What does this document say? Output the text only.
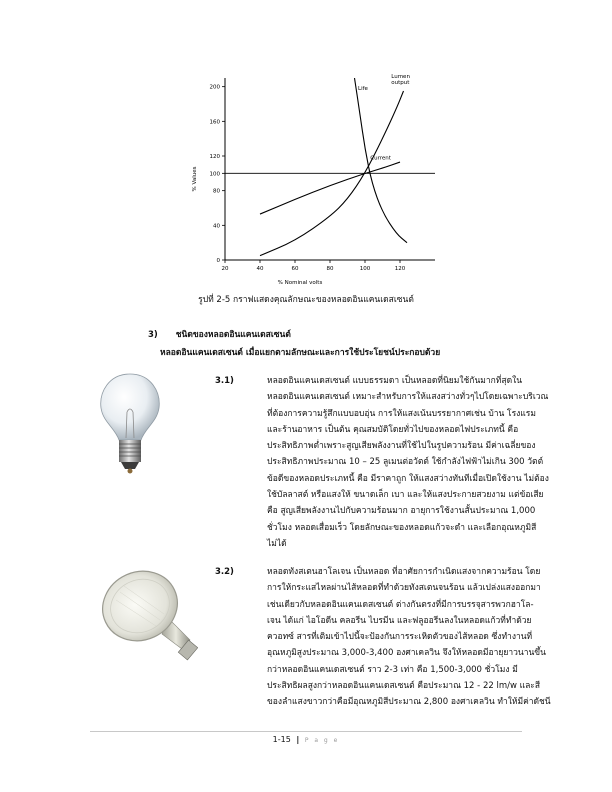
0
40
80
100
120
160
200
20	40	60	80	100	120
% Nominal volts
% Values
Life
Current
Lumen output
รูปที่ 2-5 กราฟแสดงคุณลักษณะของหลอดอินแคนเดสเซนต์
3) ชนิดของหลอดอินแคนเดสเซนต์
หลอดอินแคนเดสเซนต์ เมื่อแยกตามลักษณะและการใช้ประโยชน์ประกอบด้วย
3.1)	หลอดอินแคนเดสเซนต์ แบบธรรมดา เป็นหลอดที่นิยมใช้กันมากที่สุดใน
หลอดอินแคนเดสเซนต์ เหมาะสำหรับการให้แสงสว่างทั่วๆไปโดยเฉพาะบริเวณ
ที่ต้องการความรู้สึกแบบอบอุ่น การให้แสงเน้นบรรยากาศเช่น บ้าน โรงแรม
และร้านอาหาร เป็นต้น คุณสมบัติโดยทั่วไปของหลอดไฟประเภทนี้ คือ
ประสิทธิภาพต่ำเพราะสูญเสียพลังงานที่ใช้ไปในรูปความร้อน มีค่าเฉลี่ยของ
ประสิทธิภาพประมาณ 10 – 25 ลูเมนต่อวัตต์ ใช้กำลังไฟฟ้าไม่เกิน 300 วัตต์
ข้อดีของหลอดประเภทนี้ คือ มีราคาถูก ให้แสงสว่างทันทีเมื่อเปิดใช้งาน ไม่ต้อง
ใช้บัลลาสต์ หรือแสงให้ ขนาดเล็ก เบา และให้แสงประกายสวยงาม แต่ข้อเสีย
คือ สูญเสียพลังงานไปกับความร้อนมาก อายุการใช้งานสั้นประมาณ 1,000
ชั่วโมง หลอดเสื่อมเร็ว โดยลักษณะของหลอดแก้วจะดำ และเลือกอุณหภูมิสี
ไม่ได้
3.2)	หลอดทังสเตนฮาโลเจน เป็นหลอด ที่อาศัยการกำเนิดแสงจากความร้อน โดย
การให้กระแสไหลผ่านไส้หลอดที่ทำด้วยทังสเตนจนร้อน แล้วเปล่งแสงออกมา
เช่นเดียวกับหลอดอินแคนเดสเซนต์ ต่างกันตรงที่มีการบรรจุสารพวกฮาโล-
เจน ได้แก่ ไอโอดีน คลอรีน ไบรมีน และฟลูออรีนลงในหลอดแก้วที่ทำด้วย
ควอทซ์ สารที่เติมเข้าไปนี้จะป้องกันการระเหิดตัวของไส้หลอด ซึ่งทำงานที่
อุณหภูมิสูงประมาณ 3,000-3,400 องศาเคลวิน จึงให้หลอดมีอายุยาวนานขึ้น
กว่าหลอดอินแคนเดสเซนต์ ราว 2-3 เท่า คือ 1,500-3,000 ชั่วโมง มี
ประสิทธิผลสูงกว่าหลอดอินแคนเดสเซนต์ คือประมาณ 12 - 22 lm/w และสี
ของลำแสงขาวกว่าคือมีอุณหภูมิสีประมาณ 2,800 องศาเคลวิน ทำให้มีค่าดัชนี
1-15 | P a g e
